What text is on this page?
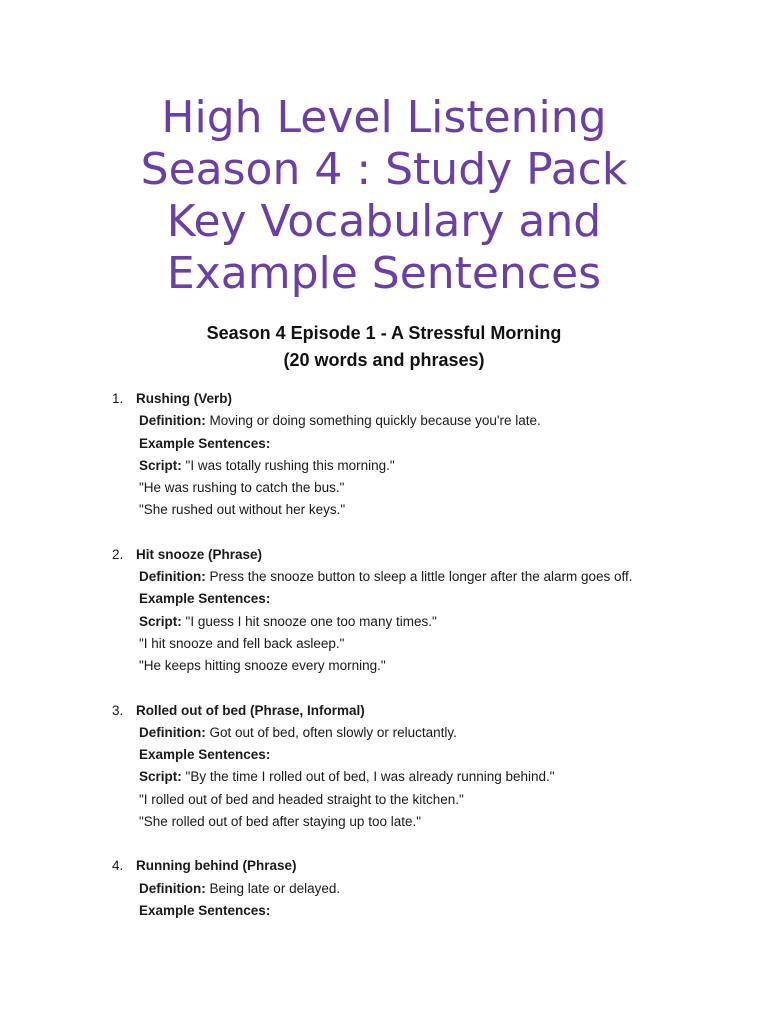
High Level Listening
Season 4 : Study Pack
Key Vocabulary and
Example Sentences
Season 4 Episode 1 - A Stressful Morning
(20 words and phrases)
1. Rushing (Verb)
Definition: Moving or doing something quickly because you're late.
Example Sentences:
Script: "I was totally rushing this morning."
"He was rushing to catch the bus."
"She rushed out without her keys."
2. Hit snooze (Phrase)
Definition: Press the snooze button to sleep a little longer after the alarm goes off.
Example Sentences:
Script: "I guess I hit snooze one too many times."
"I hit snooze and fell back asleep."
"He keeps hitting snooze every morning."
3. Rolled out of bed (Phrase, Informal)
Definition: Got out of bed, often slowly or reluctantly.
Example Sentences:
Script: "By the time I rolled out of bed, I was already running behind."
"I rolled out of bed and headed straight to the kitchen."
"She rolled out of bed after staying up too late."
4. Running behind (Phrase)
Definition: Being late or delayed.
Example Sentences:
